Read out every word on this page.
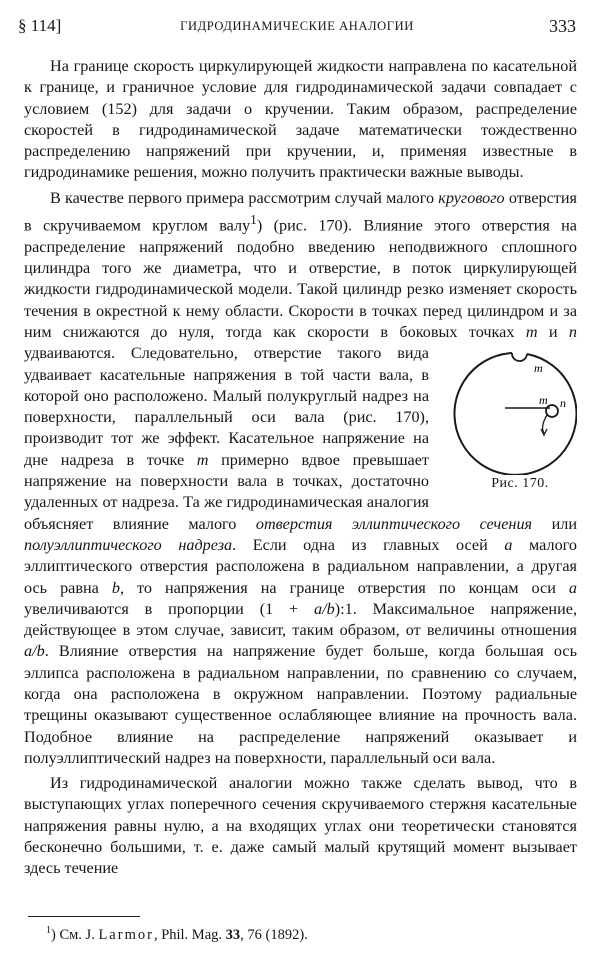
§ 114]	ГИДРОДИНАМИЧЕСКИЕ АНАЛОГИИ	333

На границе скорость циркулирующей жидкости направлена по касательной к границе, и граничное условие для гидродинамической задачи совпадает с условием (152) для задачи о кручении. Таким образом, распределение скоростей в гидродинамической задаче математически тождественно распределению напряжений при кручении, и, применяя известные в гидродинамике решения, можно получить практически важные выводы.

В качестве первого примера рассмотрим случай малого кругового отверстия в скручиваемом круглом валу$^1$) (рис. 170). Влияние этого отверстия на распределение напряжений подобно введению неподвижного сплошного цилиндра того же диаметра, что и отверстие, в поток циркулирующей жидкости гидродинамической модели. Такой цилиндр резко изменяет скорость течения в окрестной к нему области. Скорости в точках перед цилиндром и за ним снижаются до нуля, тогда как скорости в боковых точках
m
m n
Рис. 170.
m и n удваиваются. Следовательно, отверстие такого вида удваивает касательные напряжения в той части вала, в которой оно расположено. Малый полукруглый надрез на поверхности, параллельный оси вала (рис. 170), производит тот же эффект. Касательное напряжение на дне надреза в точке m примерно вдвое превышает напряжение на поверхности вала в точках, достаточно удаленных от надреза. Та же гидродинамическая аналогия объясняет влияние малого отверстия эллиптического сечения или полуэллиптического надреза. Если одна из главных осей a малого эллиптического отверстия расположена в радиальном направлении, а другая ось равна b, то напряжения на границе отверстия по концам оси a увеличиваются в пропорции (1 + a/b):1. Максимальное напряжение, действующее в этом случае, зависит, таким образом, от величины отношения a/b. Влияние отверстия на напряжение будет больше, когда большая ось эллипса расположена в радиальном направлении, по сравнению со случаем, когда она расположена в окружном направлении. Поэтому радиальные трещины оказывают существенное ослабляющее влияние на прочность вала. Подобное влияние на распределение напряжений оказывает и полуэллиптический надрез на поверхности, параллельный оси вала.

Из гидродинамической аналогии можно также сделать вывод, что в выступающих углах поперечного сечения скручиваемого стержня касательные напряжения равны нулю, а на входящих углах они теоретически становятся бесконечно большими, т. е. даже самый малый крутящий момент вызывает здесь течение

$^1$) См. J. Larmor, Phil. Mag. 33, 76 (1892).
